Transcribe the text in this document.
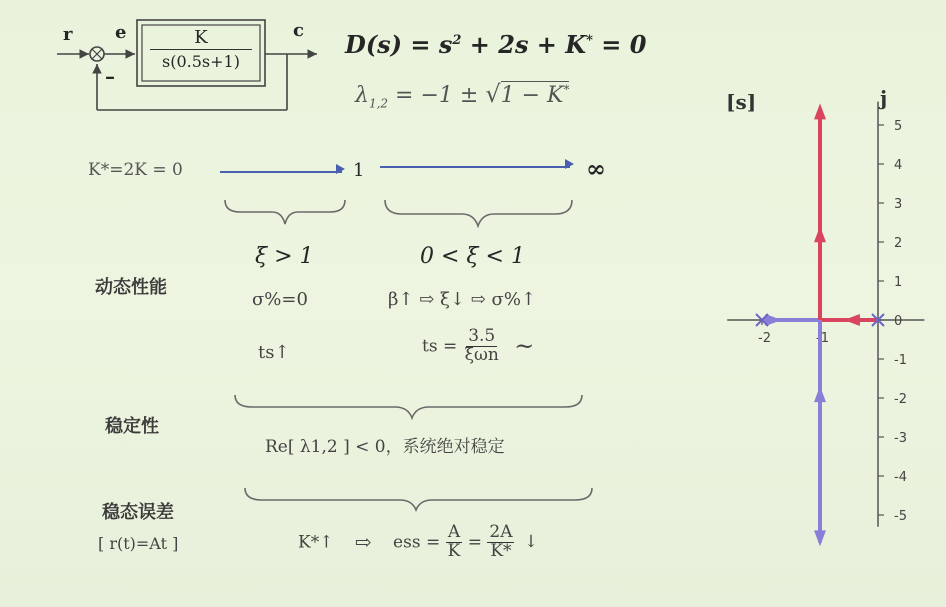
r e	c
–
K
s(0.5s+1)
$D(s) = s^2 + 2s + K^* = 0$
$\lambda_{1,2} = -1 \pm √1 - K^*$
K*=2K = 0	1	∞
ξ > 1	0 < ξ < 1
动态性能
σ%=0	β↑ ⇨ ξ↓ ⇨ σ%↑
ts↑	ts = $\frac{3.5}{\text{ξωn}}$ ~
稳定性
Re[ λ1,2 ] < 0，系统绝对稳定
稳态误差
[ r(t)=At ]	K*↑ ⇨ ess = $\frac{A}{K} = \frac{2A}{K*}$ ↓
[s]	j
5
4
3
2
1
0
-1
-2
-3
-4
-5
-2	-1
